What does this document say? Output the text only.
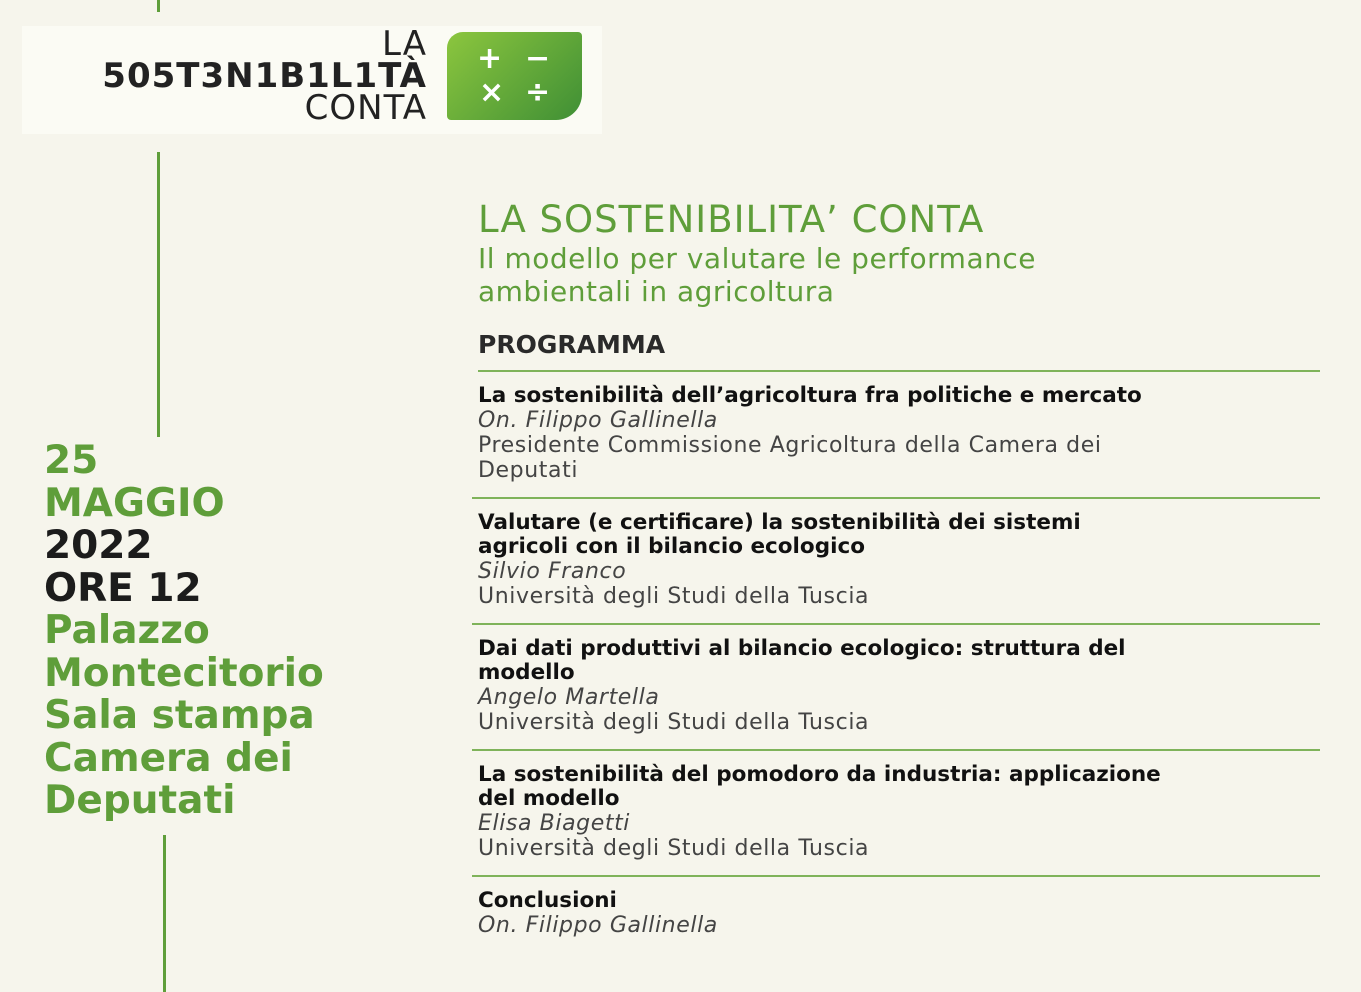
LA
505T3N1B1L1TÀ
CONTA
+ −
× ÷
25
MAGGIO
2022
ORE 12
Palazzo
Montecitorio
Sala stampa
Camera dei
Deputati
LA SOSTENIBILITA’ CONTA
Il modello per valutare le performance
ambientali in agricoltura
PROGRAMMA
La sostenibilità dell’agricoltura fra politiche e mercato
On. Filippo Gallinella
Presidente Commissione Agricoltura della Camera dei Deputati
Valutare (e certificare) la sostenibilità dei sistemi agricoli con il bilancio ecologico
Silvio Franco
Università degli Studi della Tuscia
Dai dati produttivi al bilancio ecologico: struttura del modello
Angelo Martella
Università degli Studi della Tuscia
La sostenibilità del pomodoro da industria: applicazione del modello
Elisa Biagetti
Università degli Studi della Tuscia
Conclusioni
On. Filippo Gallinella
